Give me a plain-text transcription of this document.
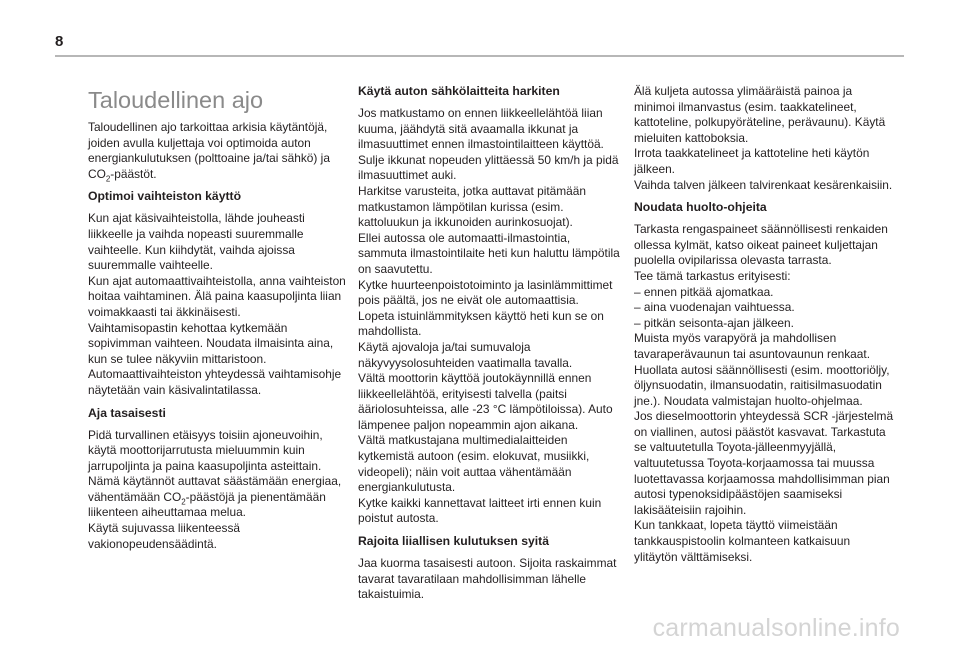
8
Taloudellinen ajo
Taloudellinen ajo tarkoittaa arkisia käytäntöjä, joiden avulla kuljettaja voi optimoida auton energiankulutuksen (polttoaine ja/tai sähkö) ja $CO_2$-päästöt.
Optimoi vaihteiston käyttö
Kun ajat käsivaihteistolla, lähde jouheasti liikkeelle ja vaihda nopeasti suuremmalle vaihteelle. Kun kiihdytät, vaihda ajoissa suuremmalle vaihteelle.
Kun ajat automaattivaihteistolla, anna vaihteiston hoitaa vaihtaminen. Älä paina kaasupoljinta liian voimakkaasti tai äkkinäisesti.
Vaihtamisopastin kehottaa kytkemään sopivimman vaihteen. Noudata ilmaisinta aina, kun se tulee näkyviin mittaristoon.
Automaattivaihteiston yhteydessä vaihtamisohje näytetään vain käsivalintatilassa.
Aja tasaisesti
Pidä turvallinen etäisyys toisiin ajoneuvoihin, käytä moottorijarrutusta mieluummin kuin jarrupoljinta ja paina kaasupoljinta asteittain. Nämä käytännöt auttavat säästämään energiaa, vähentämään $CO_2$-päästöjä ja pienentämään liikenteen aiheuttamaa melua.
Käytä sujuvassa liikenteessä vakionopeudensäädintä.
Käytä auton sähkölaitteita harkiten
Jos matkustamo on ennen liikkeellelähtöä liian kuuma, jäähdytä sitä avaamalla ikkunat ja ilmasuuttimet ennen ilmastointilaitteen käyttöä.
Sulje ikkunat nopeuden ylittäessä 50 km/h ja pidä ilmasuuttimet auki.
Harkitse varusteita, jotka auttavat pitämään matkustamon lämpötilan kurissa (esim. kattoluukun ja ikkunoiden aurinkosuojat).
Ellei autossa ole automaatti-ilmastointia, sammuta ilmastointilaite heti kun haluttu lämpötila on saavutettu.
Kytke huurteenpoistotoiminto ja lasinlämmittimet pois päältä, jos ne eivät ole automaattisia.
Lopeta istuinlämmityksen käyttö heti kun se on mahdollista.
Käytä ajovaloja ja/tai sumuvaloja näkyvyysolosuhteiden vaatimalla tavalla.
Vältä moottorin käyttöä joutokäynnillä ennen liikkeellelähtöä, erityisesti talvella (paitsi ääriolosuhteissa, alle -23 °C lämpötiloissa). Auto lämpenee paljon nopeammin ajon aikana.
Vältä matkustajana multimedialaitteiden kytkemistä autoon (esim. elokuvat, musiikki, videopeli); näin voit auttaa vähentämään energiankulutusta.
Kytke kaikki kannettavat laitteet irti ennen kuin poistut autosta.
Rajoita liiallisen kulutuksen syitä
Jaa kuorma tasaisesti autoon. Sijoita raskaimmat tavarat tavaratilaan mahdollisimman lähelle takaistuimia.
Älä kuljeta autossa ylimääräistä painoa ja minimoi ilmanvastus (esim. taakkatelineet, kattoteline, polkupyöräteline, perävaunu). Käytä mieluiten kattoboksia.
Irrota taakkatelineet ja kattoteline heti käytön jälkeen.
Vaihda talven jälkeen talvirenkaat kesärenkaisiin.
Noudata huolto-ohjeita
Tarkasta rengaspaineet säännöllisesti renkaiden ollessa kylmät, katso oikeat paineet kuljettajan puolella ovipilarissa olevasta tarrasta.
Tee tämä tarkastus erityisesti:
– ennen pitkää ajomatkaa.
– aina vuodenajan vaihtuessa.
– pitkän seisonta-ajan jälkeen.
Muista myös varapyörä ja mahdollisen tavaraperävaunun tai asuntovaunun renkaat.
Huollata autosi säännöllisesti (esim. moottoriöljy, öljynsuodatin, ilmansuodatin, raitisilmasuodatin jne.). Noudata valmistajan huolto-ohjelmaa.
Jos dieselmoottorin yhteydessä SCR -järjestelmä on viallinen, autosi päästöt kasvavat. Tarkastuta se valtuutetulla Toyota-jälleenmyyjällä, valtuutetussa Toyota-korjaamossa tai muussa luotettavassa korjaamossa mahdollisimman pian autosi typenoksidipäästöjen saamiseksi lakisääteisiin rajoihin.
Kun tankkaat, lopeta täyttö viimeistään tankkauspistoolin kolmanteen katkaisuun ylitäytön välttämiseksi.
carmanualsonline.info
